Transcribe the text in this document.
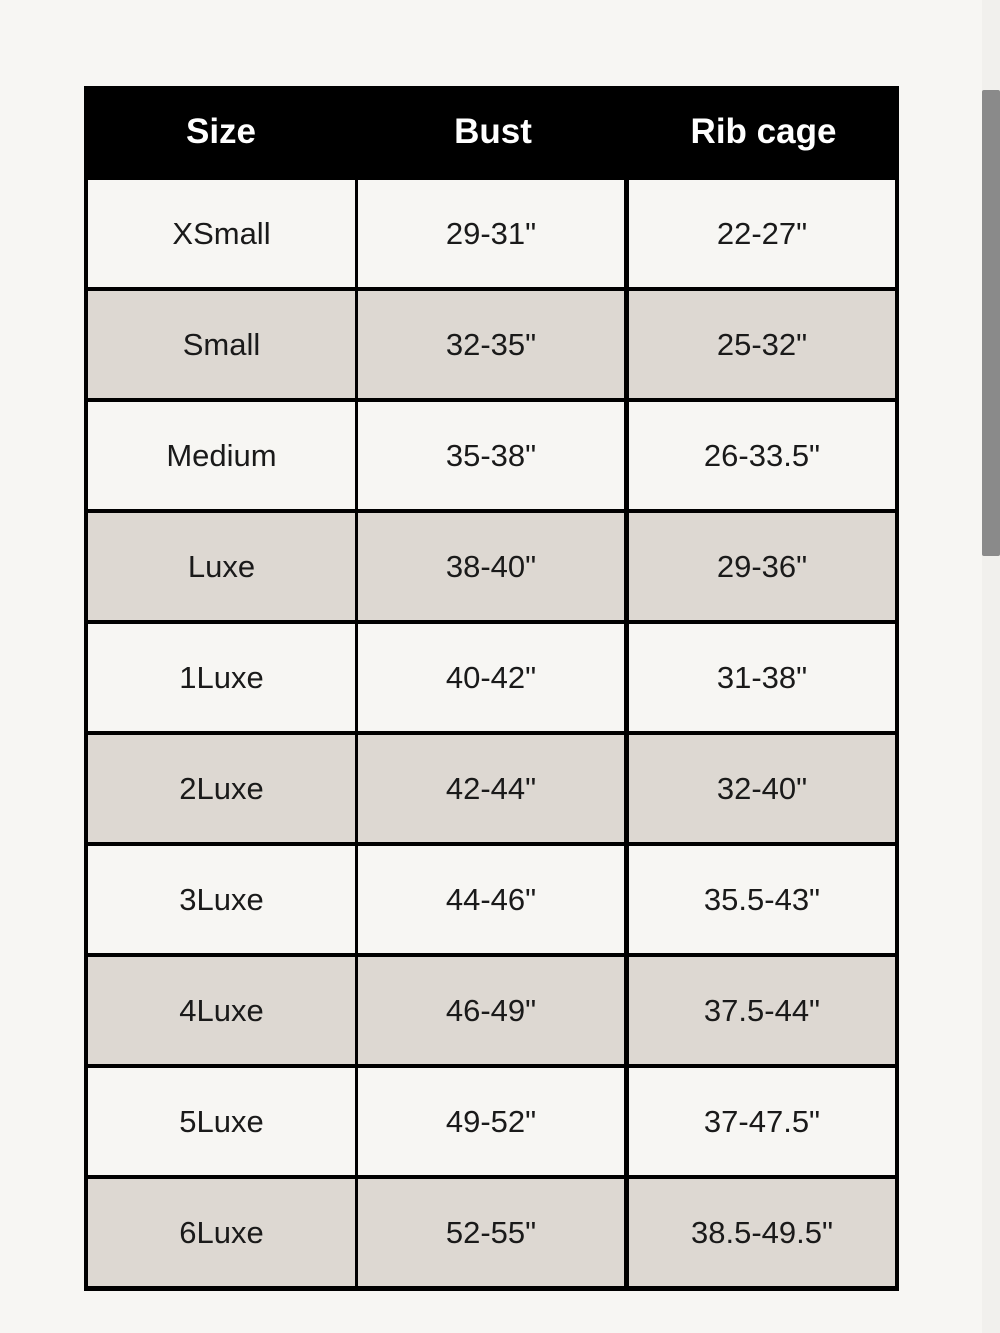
Size	Bust	Rib cage
XSmall	29-31"	22-27"
Small	32-35"	25-32"
Medium	35-38"	26-33.5"
Luxe	38-40"	29-36"
1Luxe	40-42"	31-38"
2Luxe	42-44"	32-40"
3Luxe	44-46"	35.5-43"
4Luxe	46-49"	37.5-44"
5Luxe	49-52"	37-47.5"
6Luxe	52-55"	38.5-49.5"
